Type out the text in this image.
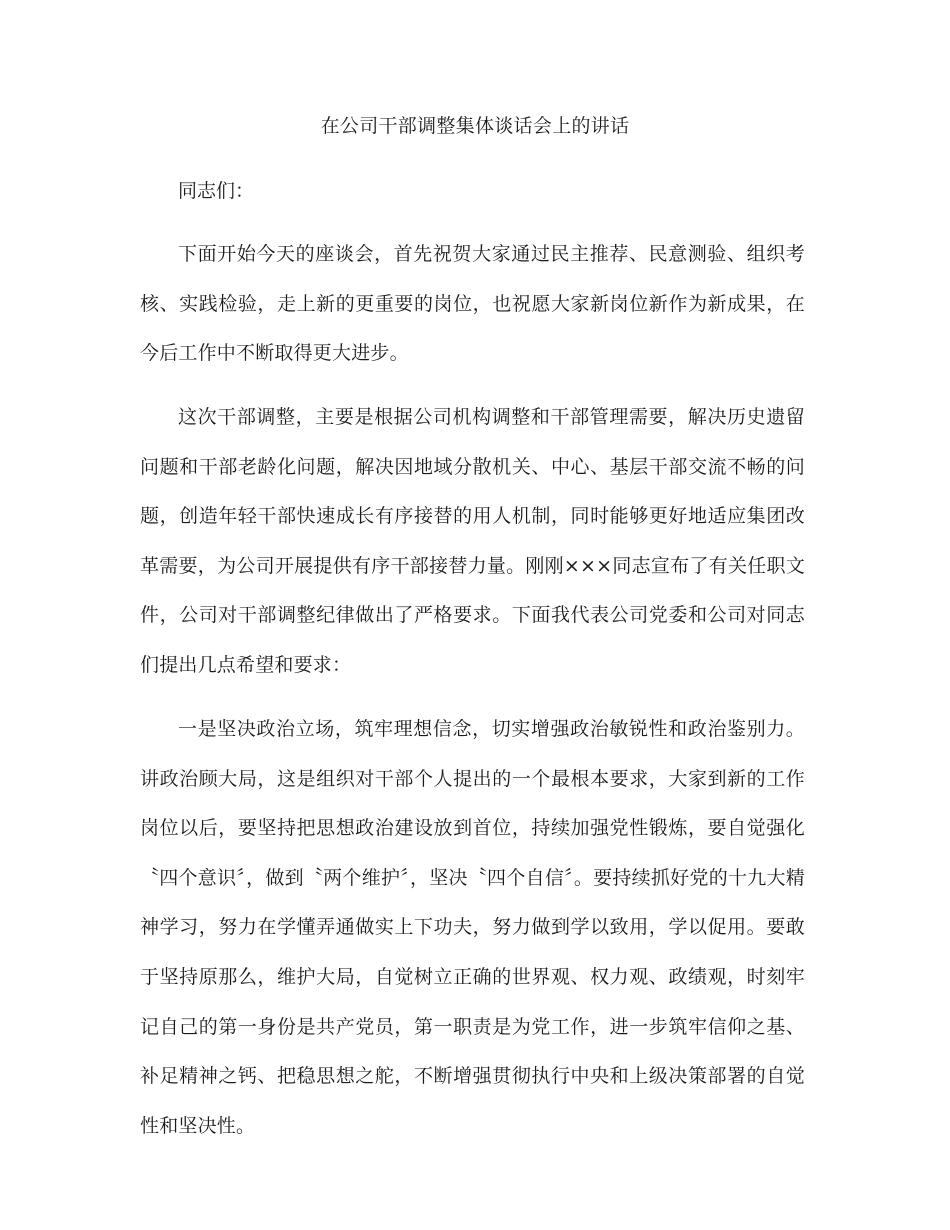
在公司干部调整集体谈话会上的讲话
同志们：

下面开始今天的座谈会，首先祝贺大家通过民主推荐、民意测验、组织考核、实践检验，走上新的更重要的岗位，也祝愿大家新岗位新作为新成果，在今后工作中不断取得更大进步。

这次干部调整，主要是根据公司机构调整和干部管理需要，解决历史遗留问题和干部老龄化问题，解决因地域分散机关、中心、基层干部交流不畅的问题，创造年轻干部快速成长有序接替的用人机制，同时能够更好地适应集团改革需要，为公司开展提供有序干部接替力量。刚刚×××同志宣布了有关任职文件，公司对干部调整纪律做出了严格要求。下面我代表公司党委和公司对同志们提出几点希望和要求：

一是坚决政治立场，筑牢理想信念，切实增强政治敏锐性和政治鉴别力。讲政治顾大局，这是组织对干部个人提出的一个最根本要求，大家到新的工作岗位以后，要坚持把思想政治建设放到首位，持续加强党性锻炼，要自觉强化〝四个意识〞，做到〝两个维护〞，坚决〝四个自信〞。要持续抓好党的十九大精神学习，努力在学懂弄通做实上下功夫，努力做到学以致用，学以促用。要敢于坚持原那么，维护大局，自觉树立正确的世界观、权力观、政绩观，时刻牢记自己的第一身份是共产党员，第一职责是为党工作，进一步筑牢信仰之基、补足精神之钙、把稳思想之舵，不断增强贯彻执行中央和上级决策部署的自觉性和坚决性。
